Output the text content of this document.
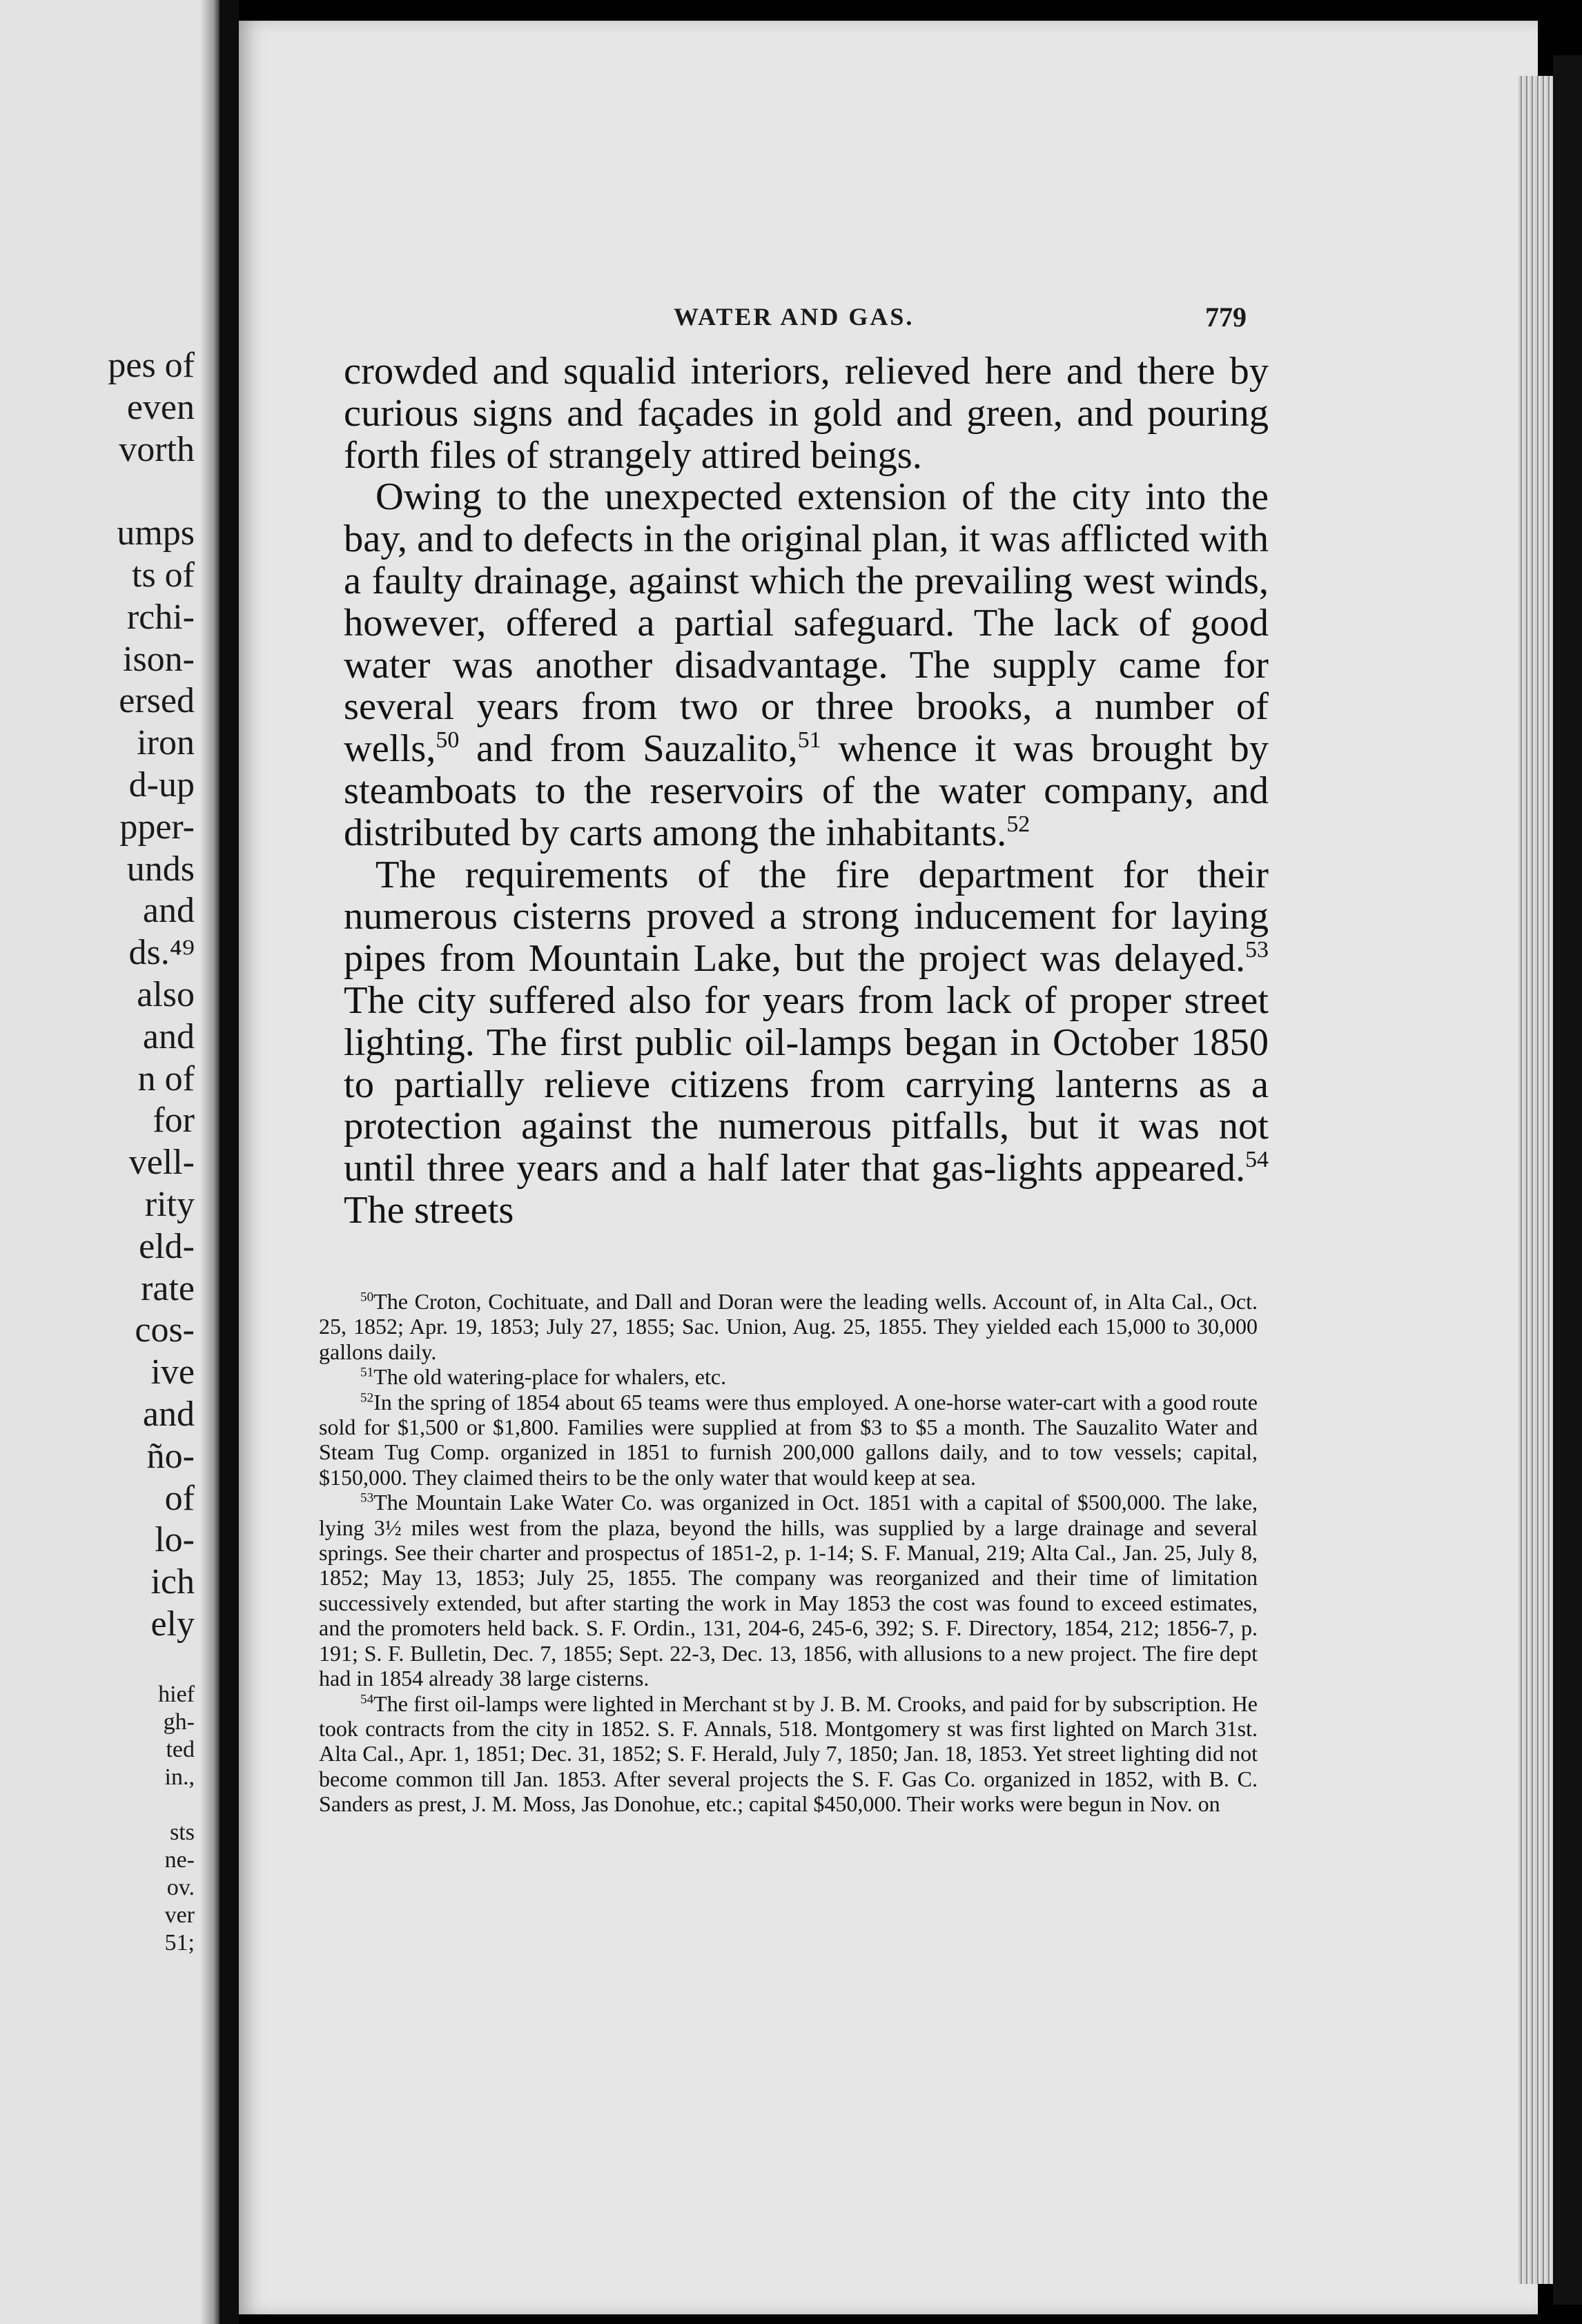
pes of
even
vorth
umps
ts of
rchi-
ison-
ersed
iron
d-up
pper-
unds
and
ds.⁴⁹
also
and
n of
for
vell-
rity
eld-
rate
cos-
ive
and
ño-
of
lo-
ich
ely
hief
gh-
ted
in.,
sts
ne-
ov.
ver
51;
WATER AND GAS.	779

crowded and squalid interiors, relieved here and there by curious signs and façades in gold and green, and pouring forth files of strangely attired beings.

Owing to the unexpected extension of the city into the bay, and to defects in the original plan, it was afflicted with a faulty drainage, against which the prevailing west winds, however, offered a partial safeguard. The lack of good water was another disadvantage. The supply came for several years from two or three brooks, a number of wells,$^{50}$ and from Sauzalito,$^{51}$ whence it was brought by steamboats to the reservoirs of the water company, and distributed by carts among the inhabitants.$^{52}$

The requirements of the fire department for their numerous cisterns proved a strong inducement for laying pipes from Mountain Lake, but the project was delayed.$^{53}$ The city suffered also for years from lack of proper street lighting. The first public oil-lamps began in October 1850 to partially relieve citizens from carrying lanterns as a protection against the numerous pitfalls, but it was not until three years and a half later that gas-lights appeared.$^{54}$ The streets

$^{50}$The Croton, Cochituate, and Dall and Doran were the leading wells. Account of, in Alta Cal., Oct. 25, 1852; Apr. 19, 1853; July 27, 1855; Sac. Union, Aug. 25, 1855. They yielded each 15,000 to 30,000 gallons daily.

$^{51}$The old watering-place for whalers, etc.

$^{52}$In the spring of 1854 about 65 teams were thus employed. A one-horse water-cart with a good route sold for $1,500 or $1,800. Families were supplied at from $3 to $5 a month. The Sauzalito Water and Steam Tug Comp. organized in 1851 to furnish 200,000 gallons daily, and to tow vessels; capital, $150,000. They claimed theirs to be the only water that would keep at sea.

$^{53}$The Mountain Lake Water Co. was organized in Oct. 1851 with a capital of $500,000. The lake, lying 3½ miles west from the plaza, beyond the hills, was supplied by a large drainage and several springs. See their charter and prospectus of 1851-2, p. 1-14; S. F. Manual, 219; Alta Cal., Jan. 25, July 8, 1852; May 13, 1853; July 25, 1855. The company was reorganized and their time of limitation successively extended, but after starting the work in May 1853 the cost was found to exceed estimates, and the promoters held back. S. F. Ordin., 131, 204-6, 245-6, 392; S. F. Directory, 1854, 212; 1856-7, p. 191; S. F. Bulletin, Dec. 7, 1855; Sept. 22-3, Dec. 13, 1856, with allusions to a new project. The fire dept had in 1854 already 38 large cisterns.

$^{54}$The first oil-lamps were lighted in Merchant st by J. B. M. Crooks, and paid for by subscription. He took contracts from the city in 1852. S. F. Annals, 518. Montgomery st was first lighted on March 31st. Alta Cal., Apr. 1, 1851; Dec. 31, 1852; S. F. Herald, July 7, 1850; Jan. 18, 1853. Yet street lighting did not become common till Jan. 1853. After several projects the S. F. Gas Co. organized in 1852, with B. C. Sanders as prest, J. M. Moss, Jas Donohue, etc.; capital $450,000. Their works were begun in Nov. on
